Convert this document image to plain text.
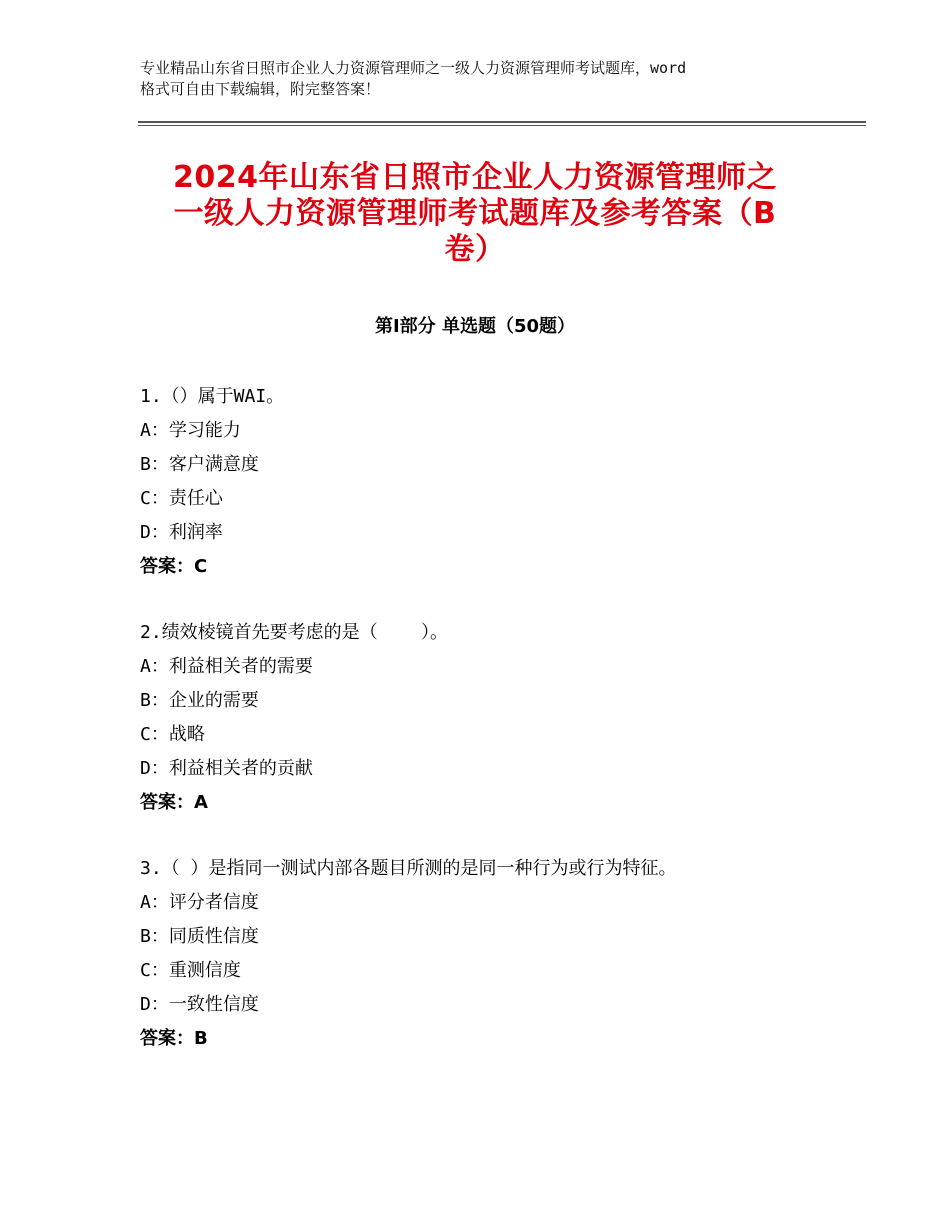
专业精品山东省日照市企业人力资源管理师之一级人力资源管理师考试题库，word
格式可自由下载编辑，附完整答案！
2024年山东省日照市企业人力资源管理师之
一级人力资源管理师考试题库及参考答案（B
卷）
第Ⅰ部分 单选题（50题）
1.（）属于WAI。
A：学习能力
B：客户满意度
C：责任心
D：利润率
答案：C
2.绩效棱镜首先要考虑的是（    ）。
A：利益相关者的需要
B：企业的需要
C：战略
D：利益相关者的贡献
答案：A
3.（ ）是指同一测试内部各题目所测的是同一种行为或行为特征。
A：评分者信度
B：同质性信度
C：重测信度
D：一致性信度
答案：B
